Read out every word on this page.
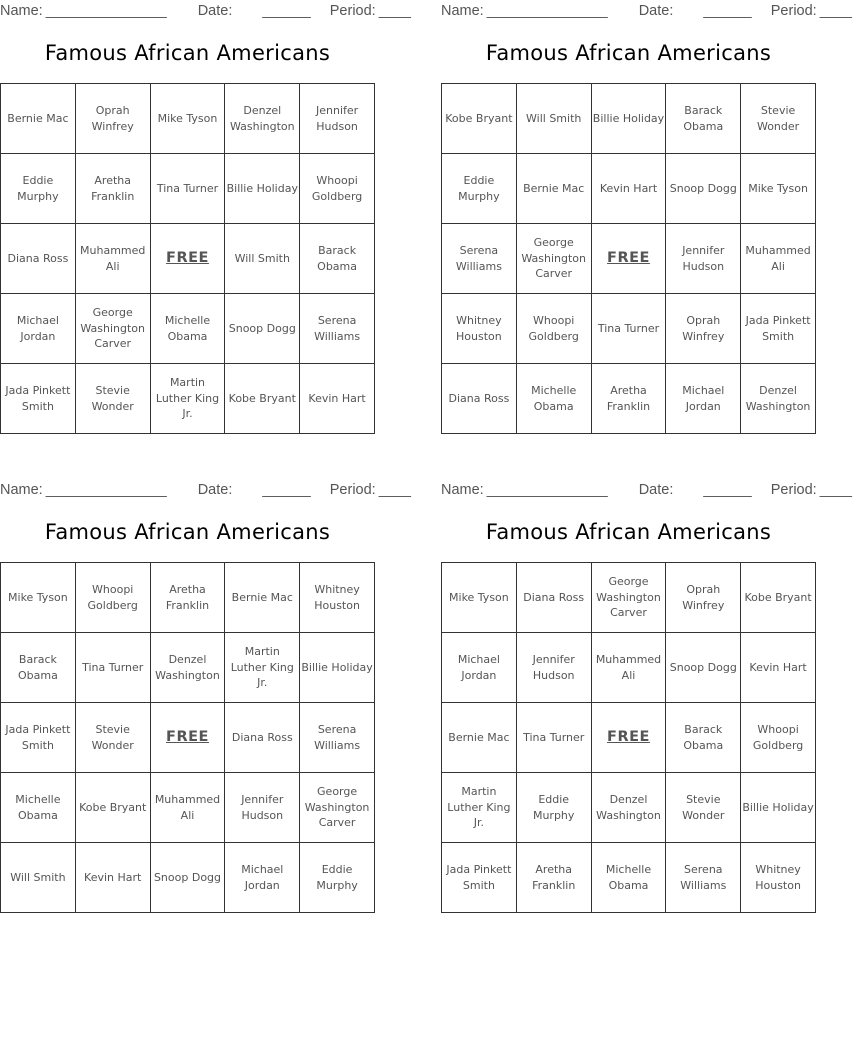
Name: _______________ Date: ______ Period: ____
Famous African Americans
Bernie Mac
Oprah Winfrey
Mike Tyson
Denzel Washington
Jennifer Hudson
Eddie Murphy
Aretha Franklin
Tina Turner Billie Holiday
Whoopi Goldberg
Diana Ross
Muhammed Ali
FREE Will Smith
Barack Obama
Michael Jordan
George Washington Carver
Michelle Obama
Snoop Dogg
Serena Williams
Jada Pinkett Smith
Stevie Wonder
Martin Luther King Jr.
Kobe Bryant Kevin Hart
Name: _______________ Date: ______ Period: ____
Famous African Americans
Kobe Bryant Will Smith Billie Holiday
Barack Obama
Stevie Wonder
Eddie Murphy
Bernie Mac Kevin Hart Snoop Dogg Mike Tyson
Serena Williams
George Washington Carver
FREE	Jennifer Hudson
Muhammed Ali
Whitney Houston
Whoopi Goldberg
Tina Turner
Oprah Winfrey
Jada Pinkett Smith
Diana Ross
Michelle Obama
Aretha Franklin
Michael Jordan
Denzel Washington
Name: _______________ Date: ______ Period: ____
Famous African Americans
Mike Tyson
Whoopi Goldberg
Aretha Franklin
Bernie Mac
Whitney Houston
Barack Obama
Tina Turner
Denzel Washington
Martin Luther King Jr.
Billie Holiday
Jada Pinkett Smith
Stevie Wonder
FREE Diana Ross
Serena Williams
Michelle Obama
Kobe Bryant
Muhammed Ali
Jennifer Hudson
George Washington Carver
Will Smith Kevin Hart Snoop Dogg
Michael Jordan
Eddie Murphy
Name: _______________ Date: ______ Period: ____
Famous African Americans
Mike Tyson Diana Ross
George Washington Carver
Oprah Winfrey
Kobe Bryant
Michael Jordan
Jennifer Hudson
Muhammed Ali
Snoop Dogg Kevin Hart
Bernie Mac Tina Turner FREE	Barack Obama
Whoopi Goldberg
Martin Luther King Jr.
Eddie Murphy
Denzel Washington
Stevie Wonder
Billie Holiday
Jada Pinkett Smith
Aretha Franklin
Michelle Obama
Serena Williams
Whitney Houston
